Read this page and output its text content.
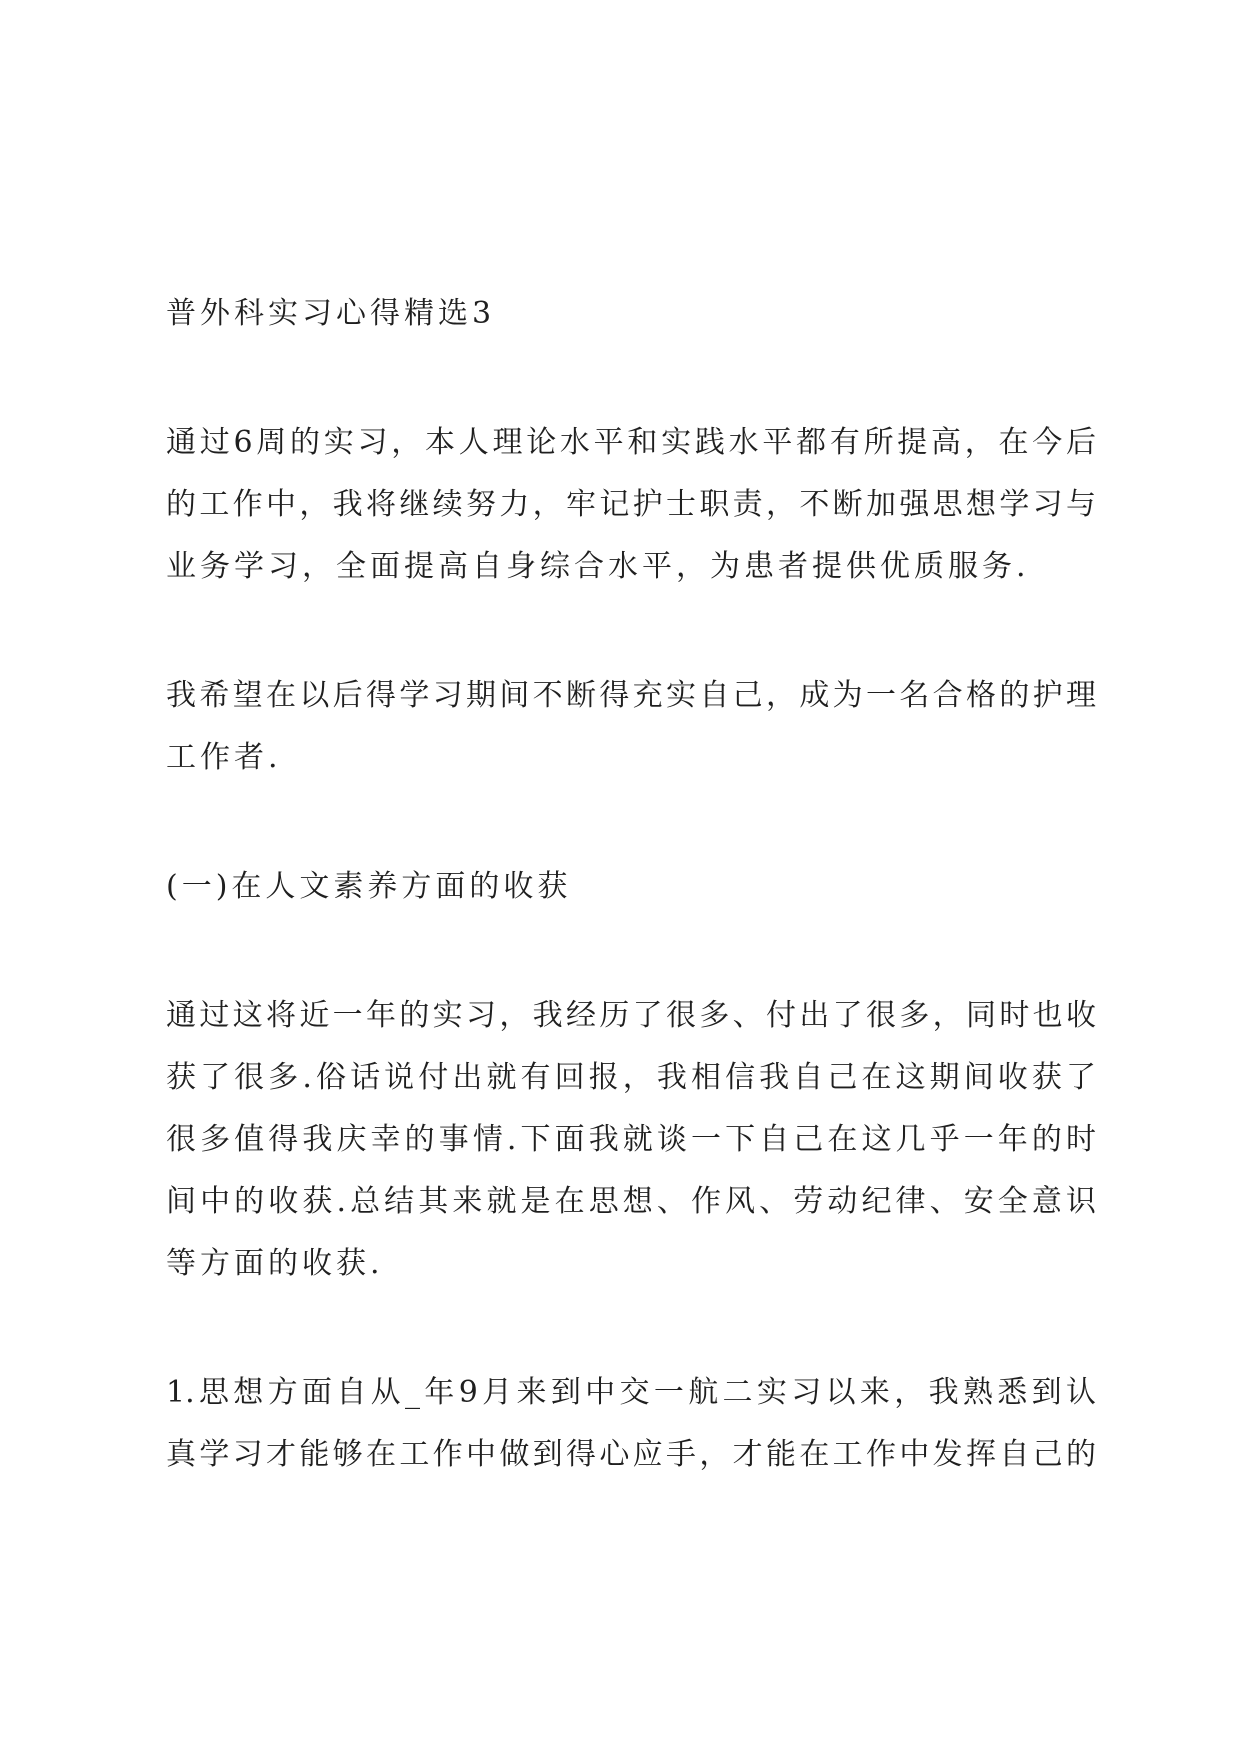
普外科实习心得精选3
通过6周的实习，本人理论水平和实践水平都有所提高，在今后
的工作中，我将继续努力，牢记护士职责，不断加强思想学习与
业务学习，全面提高自身综合水平，为患者提供优质服务.
我希望在以后得学习期间不断得充实自己，成为一名合格的护理
工作者.
(一)在人文素养方面的收获
通过这将近一年的实习，我经历了很多、付出了很多，同时也收
获了很多.俗话说付出就有回报，我相信我自己在这期间收获了
很多值得我庆幸的事情.下面我就谈一下自己在这几乎一年的时
间中的收获.总结其来就是在思想、作风、劳动纪律、安全意识
等方面的收获.
1.思想方面自从_年9月来到中交一航二实习以来，我熟悉到认
真学习才能够在工作中做到得心应手，才能在工作中发挥自己的
